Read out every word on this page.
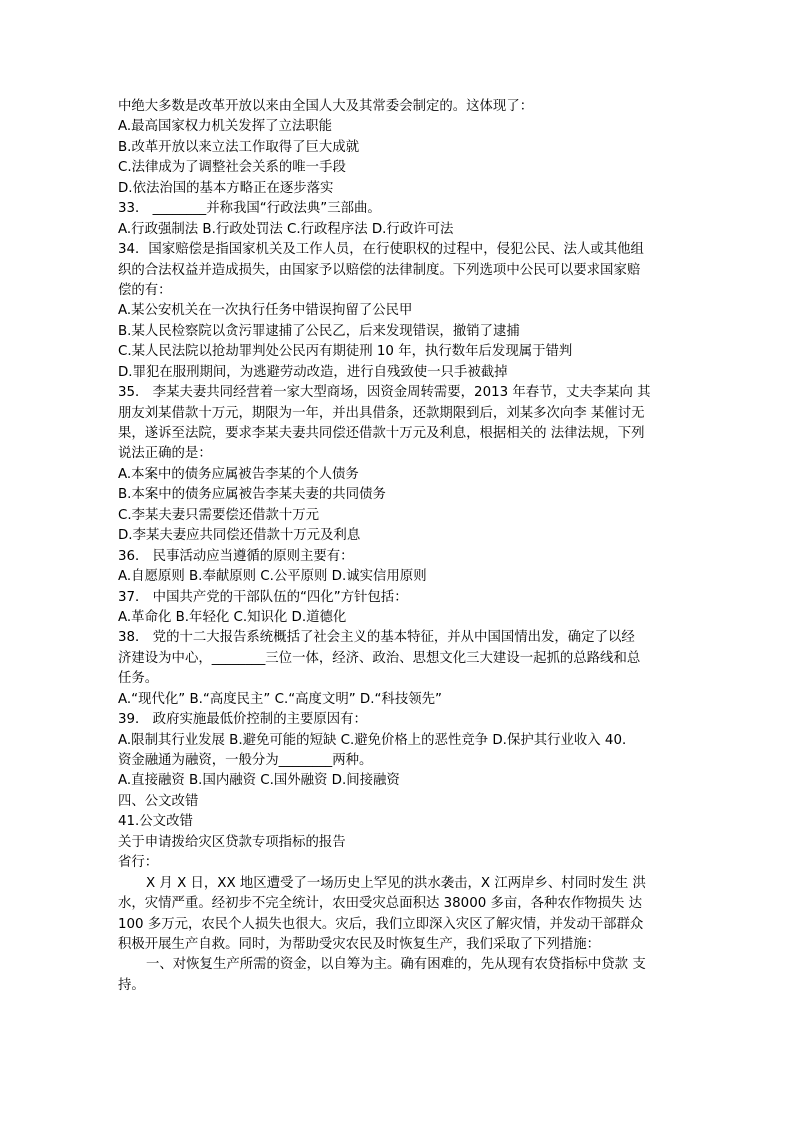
中绝大多数是改革开放以来由全国人大及其常委会制定的。这体现了：
A.最高国家权力机关发挥了立法职能
B.改革开放以来立法工作取得了巨大成就
C.法律成为了调整社会关系的唯一手段
D.依法治国的基本方略正在逐步落实
33． ________并称我国“行政法典”三部曲。
A.行政强制法 B.行政处罚法 C.行政程序法 D.行政许可法
34．国家赔偿是指国家机关及工作人员，在行使职权的过程中，侵犯公民、法人或其他组
织的合法权益并造成损失，由国家予以赔偿的法律制度。下列选项中公民可以要求国家赔
偿的有：
A.某公安机关在一次执行任务中错误拘留了公民甲
B.某人民检察院以贪污罪逮捕了公民乙，后来发现错误，撤销了逮捕
C.某人民法院以抢劫罪判处公民丙有期徒刑 10 年，执行数年后发现属于错判
D.罪犯在服刑期间，为逃避劳动改造，进行自残致使一只手被截掉
35． 李某夫妻共同经营着一家大型商场，因资金周转需要，2013 年春节，丈夫李某向 其
朋友刘某借款十万元，期限为一年，并出具借条，还款期限到后，刘某多次向李 某催讨无
果，遂诉至法院，要求李某夫妻共同偿还借款十万元及利息，根据相关的 法律法规，下列
说法正确的是：
A.本案中的债务应属被告李某的个人债务
B.本案中的债务应属被告李某夫妻的共同债务
C.李某夫妻只需要偿还借款十万元
D.李某夫妻应共同偿还借款十万元及利息
36． 民事活动应当遵循的原则主要有：
A.自愿原则 B.奉献原则 C.公平原则 D.诚实信用原则
37． 中国共产党的干部队伍的“四化”方针包括：
A.革命化 B.年轻化 C.知识化 D.道德化
38． 党的十二大报告系统概括了社会主义的基本特征，并从中国国情出发，确定了以经
济建设为中心，________三位一体，经济、政治、思想文化三大建设一起抓的总路线和总
任务。
A.“现代化” B.“高度民主” C.“高度文明” D.“科技领先”
39． 政府实施最低价控制的主要原因有：
A.限制其行业发展 B.避免可能的短缺 C.避免价格上的恶性竞争 D.保护其行业收入 40．
资金融通为融资，一般分为________两种。
A.直接融资 B.国内融资 C.国外融资 D.间接融资
四、公文改错
41.公文改错
关于申请拨给灾区贷款专项指标的报告
省行：
X 月 X 日，XX 地区遭受了一场历史上罕见的洪水袭击，X 江两岸乡、村同时发生 洪
水，灾情严重。经初步不完全统计，农田受灾总面积达 38000 多亩，各种农作物损失 达
100 多万元，农民个人损失也很大。灾后，我们立即深入灾区了解灾情，并发动干部群众
积极开展生产自救。同时，为帮助受灾农民及时恢复生产，我们采取了下列措施：
一、对恢复生产所需的资金，以自筹为主。确有困难的，先从现有农贷指标中贷款 支
持。
